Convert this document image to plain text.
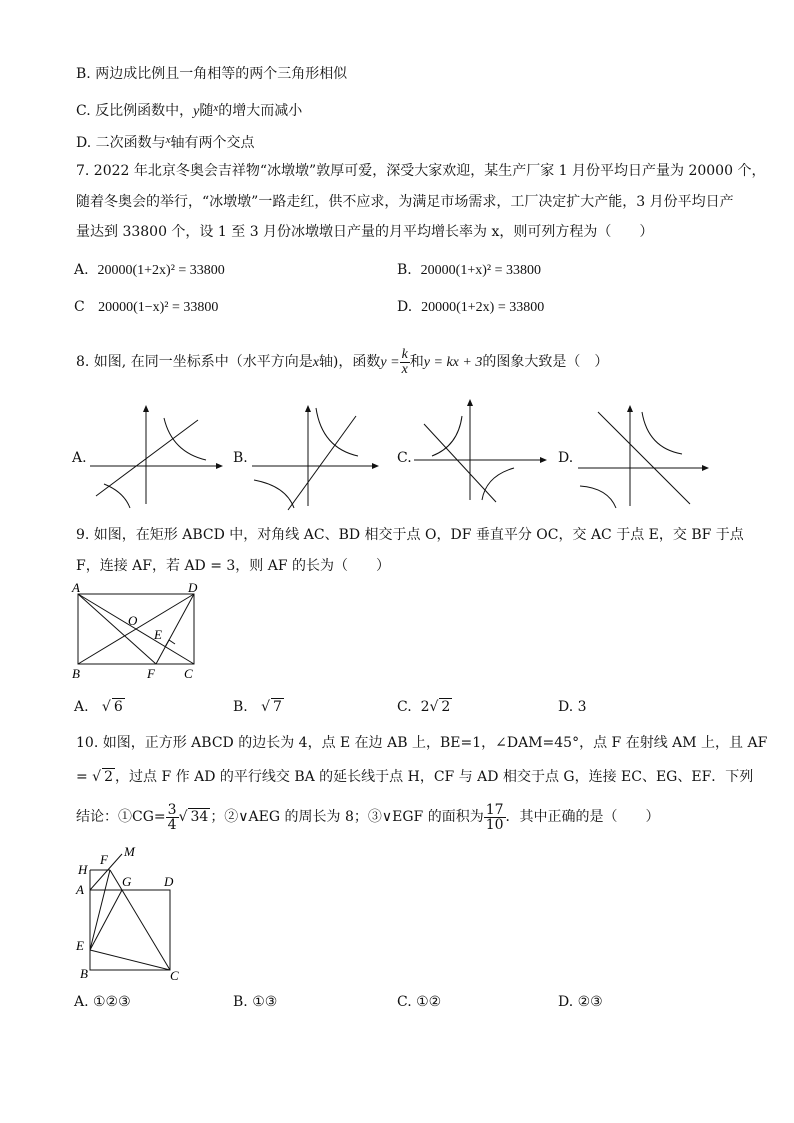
B. 两边成比例且一角相等的两个三角形相似
C. 反比例函数中，y随$^x$的增大而减小
D. 二次函数与$^x$轴有两个交点
7. 2022 年北京冬奥会吉祥物“冰墩墩”敦厚可爱，深受大家欢迎，某生产厂家 1 月份平均日产量为 20000 个，
随着冬奥会的举行，“冰墩墩”一路走红，供不应求，为满足市场需求，工厂决定扩大产能，3 月份平均日产
量达到 33800 个，设 1 至 3 月份冰墩墩日产量的月平均增长率为 x，则可列方程为（　　）
A. 20000(1+2x)² = 33800	B. 20000(1+x)² = 33800
C 20000(1−x)² = 33800	D. 20000(1+2x) = 33800
8. 如图, 在同一坐标系中（水平方向是x轴)，函数$y = \frac{k}{x}$ 和y = kx + 3的图象大致是（　）
A.	B.	C.	D.
9. 如图，在矩形 ABCD 中，对角线 AC、BD 相交于点 O，DF 垂直平分 OC，交 AC 于点 E，交 BF 于点
F，连接 AF，若 AD = 3，则 AF 的长为（　　）
A	D
O
E
B	F C
A.   √ 6	B.   √ 7	C. 2√ 2	D. 3
10. 如图，正方形 ABCD 的边长为 4，点 E 在边 AB 上，BE=1，∠DAM=45°，点 F 在射线 AM 上，且 AF
= √ 2 ，过点 F 作 AD 的平行线交 BA 的延长线于点 H，CF 与 AD 相交于点 G，连接 EC、EG、EF．下列
结论：①CG= $\frac{3}{4}$ √ 34 ；②∨AEG 的周长为 8；③∨EGF 的面积为 $\frac{17}{10}$ ．其中正确的是（　　）
H
F
M
A
G	D
E
B	C
A. ①②③	B. ①③	C. ①②	D. ②③
